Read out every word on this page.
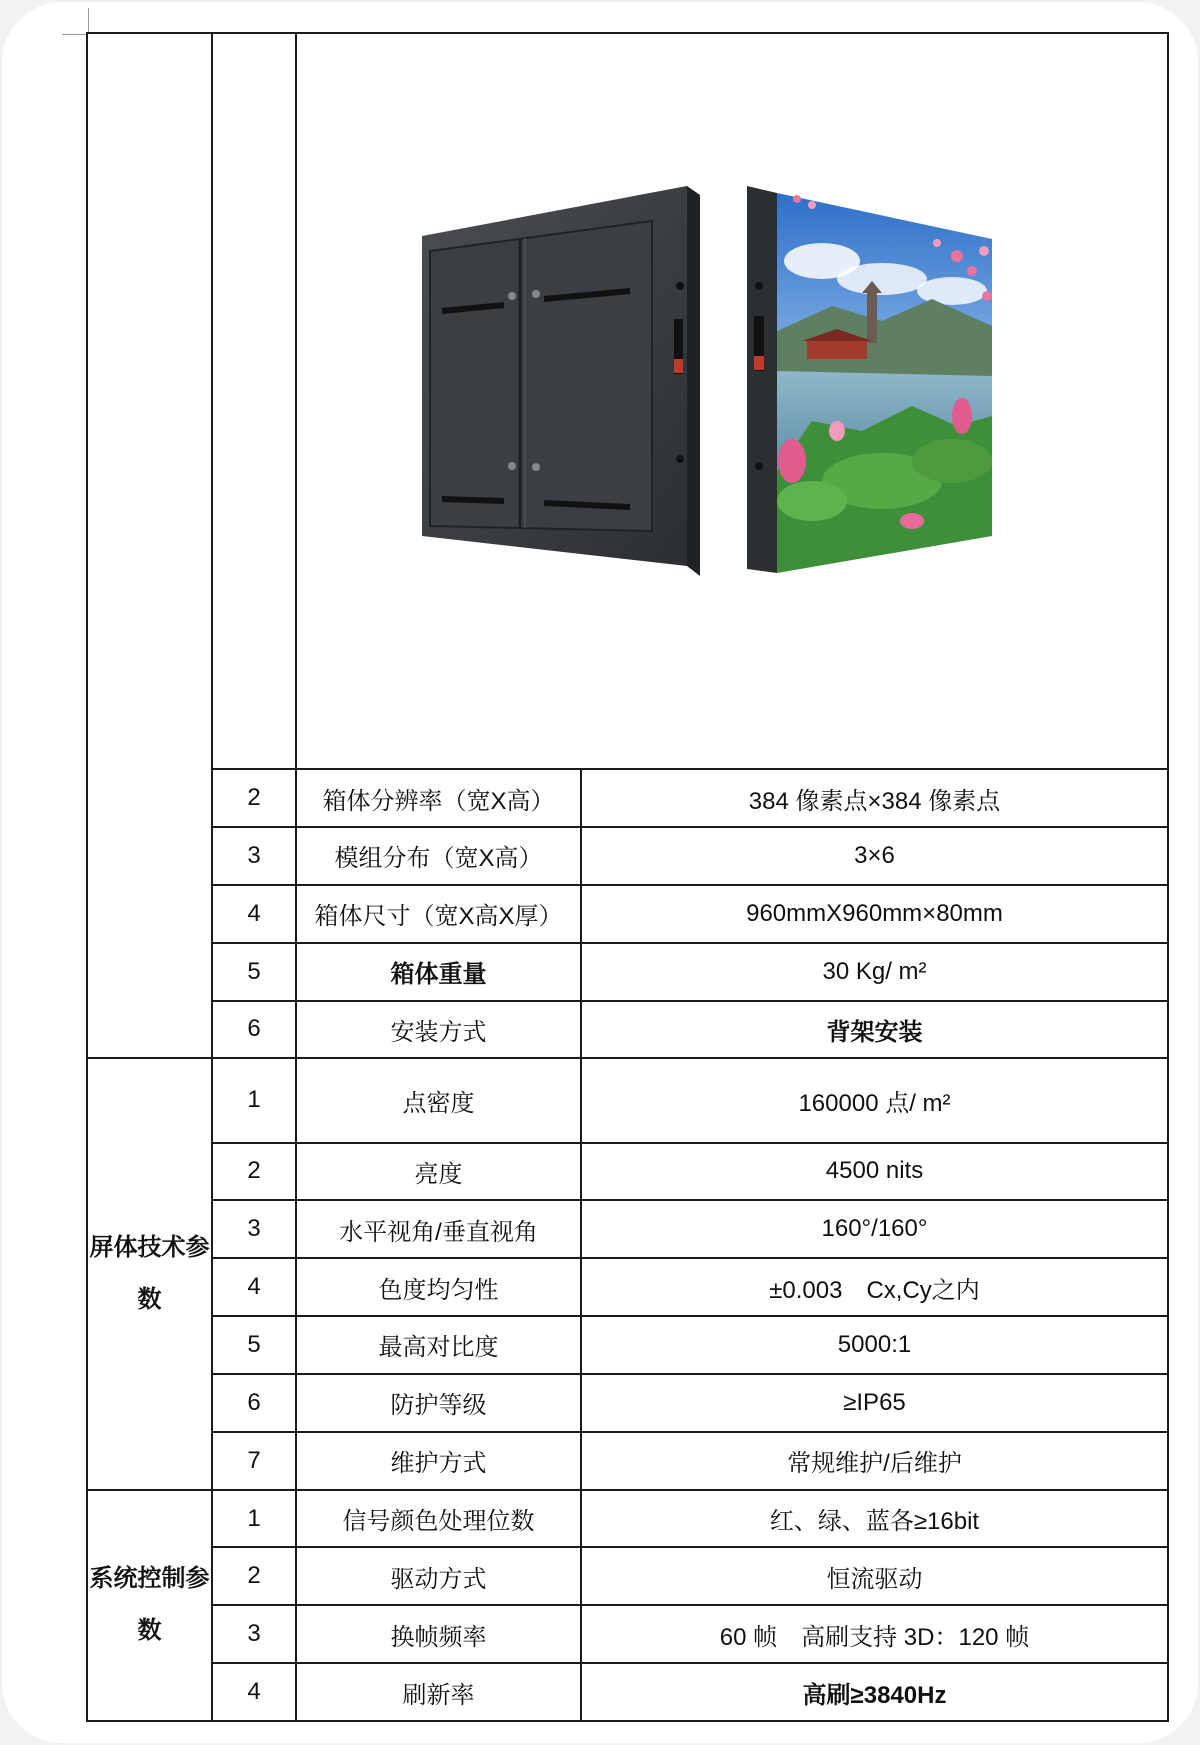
	2	箱体分辨率（宽X高）	384 像素点×384 像素点
	3	模组分布（宽X高）	3×6
	4	箱体尺寸（宽X高X厚）	960mmX960mm×80mm
	5	箱体重量	30 Kg/ m²
	6	安装方式	背架安装
屏体技术参数	1	点密度	160000 点/ m²
	2	亮度	4500 nits
	3	水平视角/垂直视角	160°/160°
	4	色度均匀性	±0.003　Cx,Cy之内
	5	最高对比度	5000:1
	6	防护等级	≥IP65
	7	维护方式	常规维护/后维护
系统控制参数	1	信号颜色处理位数	红、绿、蓝各≥16bit
	2	驱动方式	恒流驱动
	3	换帧频率	60 帧　高刷支持 3D：120 帧
	4	刷新率	高刷≥3840Hz
